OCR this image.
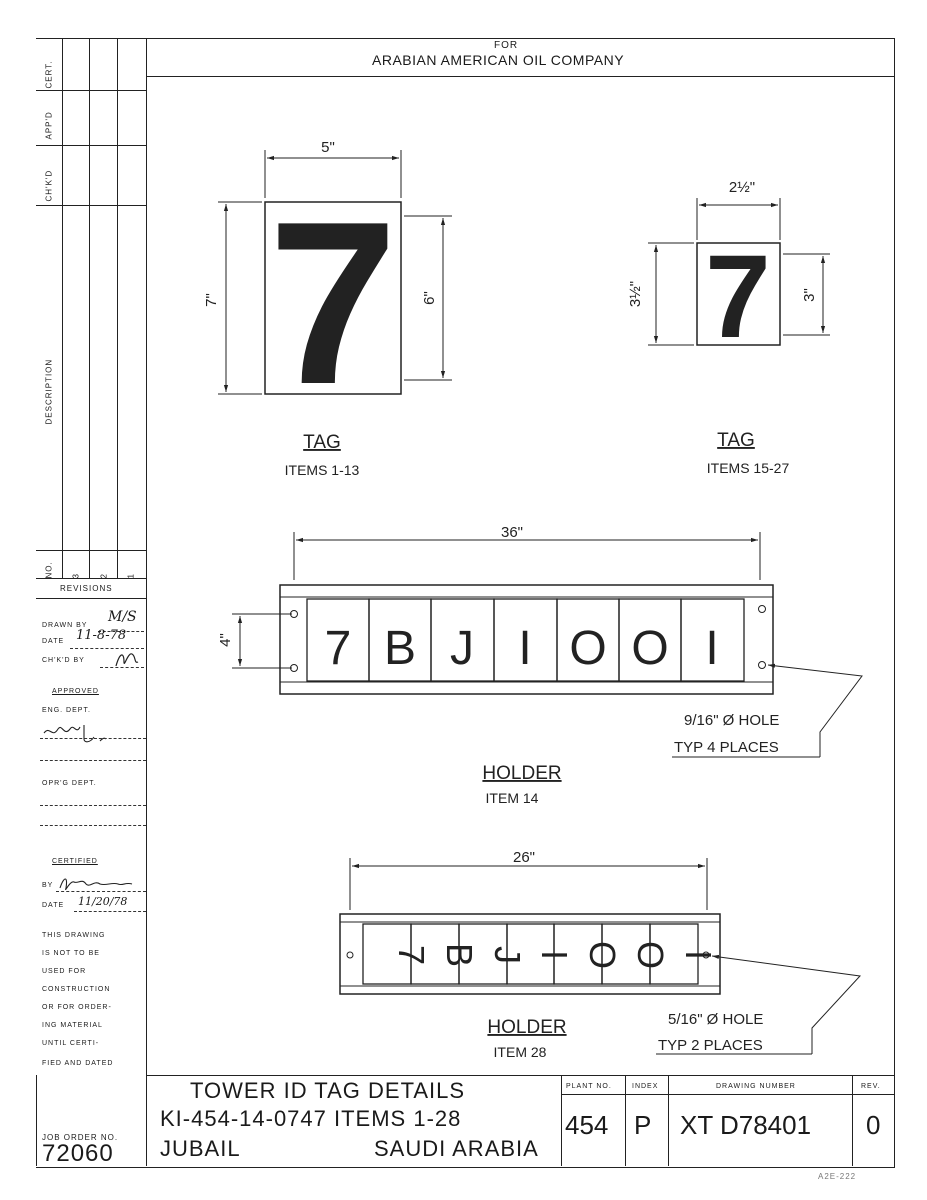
FOR
ARABIAN AMERICAN OIL COMPANY
CERT.
APP'D
CH'K'D
DESCRIPTION
NO. 3 2 1
REVISIONS
DRAWN BY
M/S
DATE 11-8-78
CH'K'D BY
APPROVED
ENG. DEPT.
OPR'G DEPT.
CERTIFIED
BY
DATE 11/20/78
THIS DRAWING
IS NOT TO BE
USED FOR
CONSTRUCTION
OR FOR ORDER-
ING MATERIAL
UNTIL CERTI-
FIED AND DATED
7
5"
7"	6"
TAG
ITEMS 1-13
7
2½"
3½"	3"
TAG
ITEMS 15-27
36"
7 B J I O O I
4"
9/16" Ø HOLE
TYP 4 PLACES
HOLDER
ITEM 14
26"
7 B J I O O I
5/16" Ø HOLE
TYP 2 PLACES
HOLDER
ITEM 28
TOWER ID TAG DETAILS
KI-454-14-0747 ITEMS 1-28
JUBAIL	SAUDI ARABIA
PLANT NO.
454
INDEX
P
DRAWING NUMBER
XT D78401
REV.
0
JOB ORDER NO.
72060
A2E-222
